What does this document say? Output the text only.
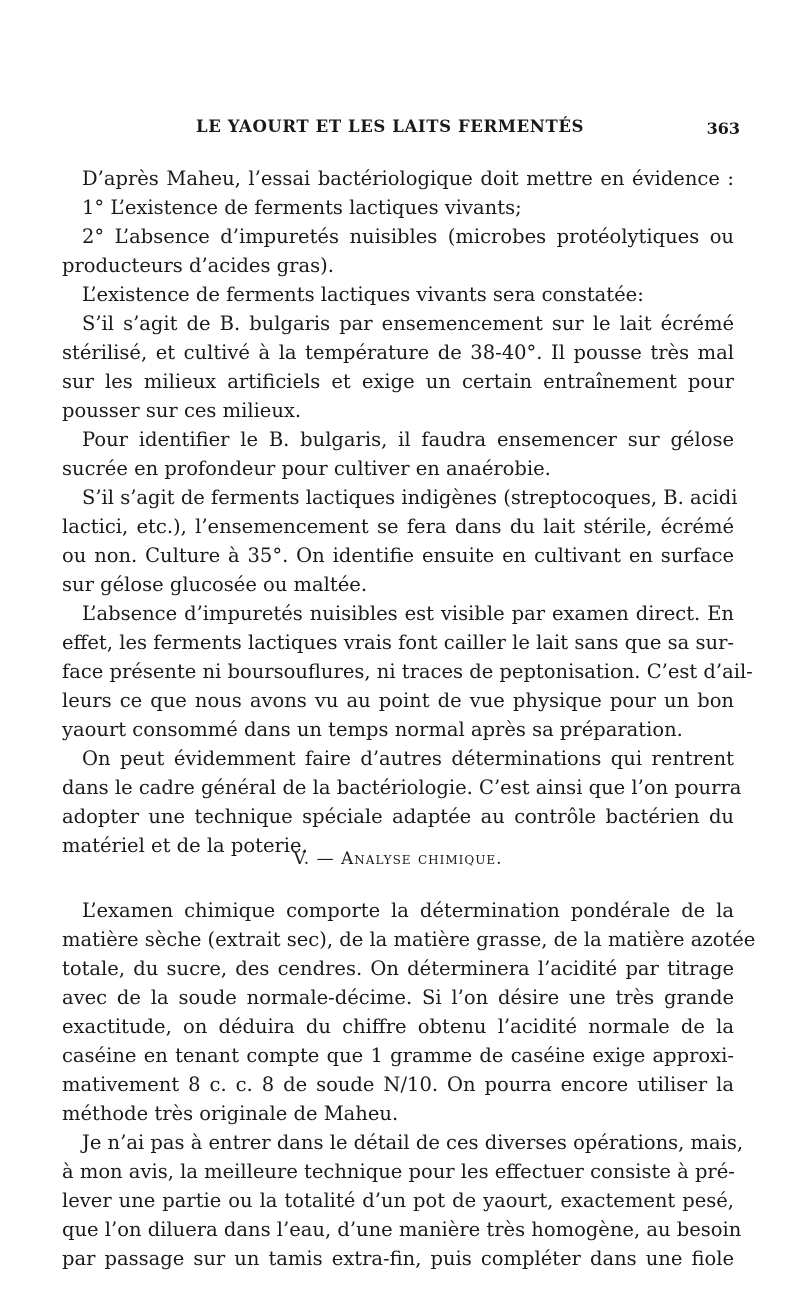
LE YAOURT ET LES LAITS FERMENTÉS	363
D’après Maheu, l’essai bactériologique doit mettre en évidence :
1° L’existence de ferments lactiques vivants;
2° L’absence d’impuretés nuisibles (microbes protéolytiques ou
producteurs d’acides gras).
L’existence de ferments lactiques vivants sera constatée:
S’il s’agit de B. bulgaris par ensemencement sur le lait écrémé
stérilisé, et cultivé à la température de 38-40°. Il pousse très mal
sur les milieux artificiels et exige un certain entraînement pour
pousser sur ces milieux.
Pour identifier le B. bulgaris, il faudra ensemencer sur gélose
sucrée en profondeur pour cultiver en anaérobie.
S’il s’agit de ferments lactiques indigènes (streptocoques, B. acidi
lactici, etc.), l’ensemencement se fera dans du lait stérile, écrémé
ou non. Culture à 35°. On identifie ensuite en cultivant en surface
sur gélose glucosée ou maltée.
L’absence d’impuretés nuisibles est visible par examen direct. En
effet, les ferments lactiques vrais font cailler le lait sans que sa sur-
face présente ni boursouflures, ni traces de peptonisation. C’est d’ail-
leurs ce que nous avons vu au point de vue physique pour un bon
yaourt consommé dans un temps normal après sa préparation.
On peut évidemment faire d’autres déterminations qui rentrent
dans le cadre général de la bactériologie. C’est ainsi que l’on pourra
adopter une technique spéciale adaptée au contrôle bactérien du
matériel et de la poterie.
V. — Analyse chimique.
L’examen chimique comporte la détermination pondérale de la
matière sèche (extrait sec), de la matière grasse, de la matière azotée
totale, du sucre, des cendres. On déterminera l’acidité par titrage
avec de la soude normale-décime. Si l’on désire une très grande
exactitude, on déduira du chiffre obtenu l’acidité normale de la
caséine en tenant compte que 1 gramme de caséine exige approxi-
mativement 8 c. c. 8 de soude N/10. On pourra encore utiliser la
méthode très originale de Maheu.
Je n’ai pas à entrer dans le détail de ces diverses opérations, mais,
à mon avis, la meilleure technique pour les effectuer consiste à pré-
lever une partie ou la totalité d’un pot de yaourt, exactement pesé,
que l’on diluera dans l’eau, d’une manière très homogène, au besoin
par passage sur un tamis extra-fin, puis compléter dans une fiole
